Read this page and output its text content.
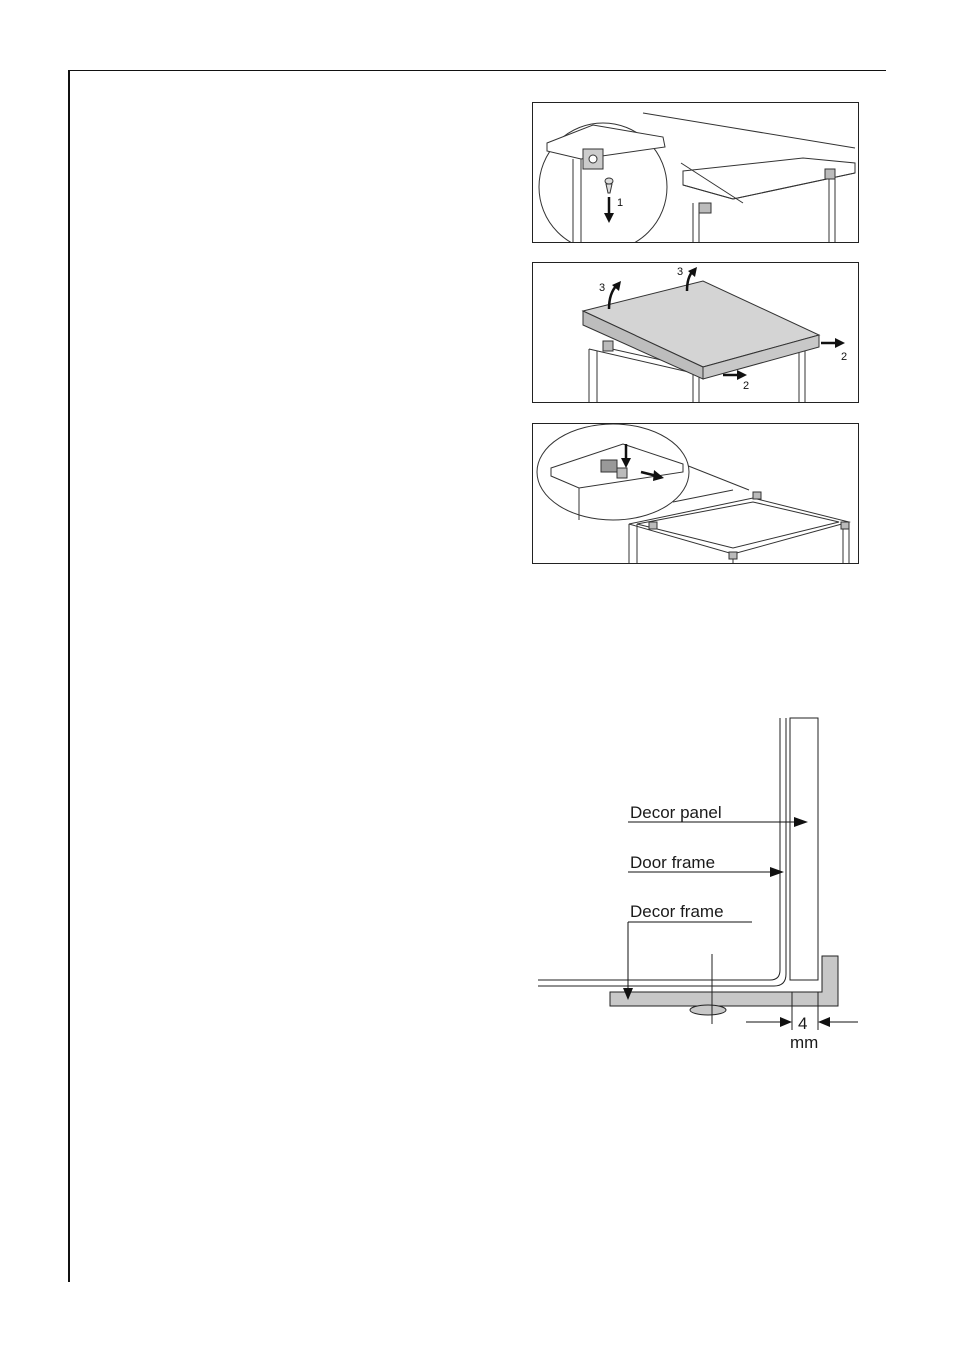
1
3
3
2
2
Decor panel
Door frame
Decor frame
4
mm
